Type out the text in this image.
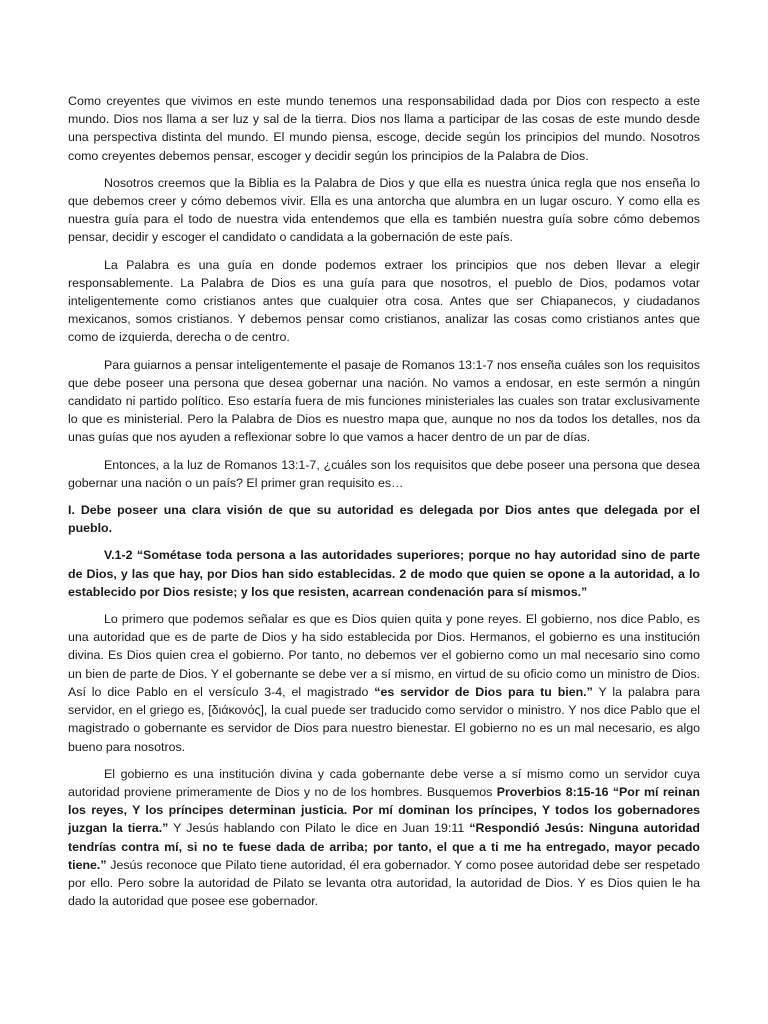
Como creyentes que vivimos en este mundo tenemos una responsabilidad dada por Dios con respecto a este mundo. Dios nos llama a ser luz y sal de la tierra. Dios nos llama a participar de las cosas de este mundo desde una perspectiva distinta del mundo. El mundo piensa, escoge, decide según los principios del mundo. Nosotros como creyentes debemos pensar, escoger y decidir según los principios de la Palabra de Dios.

Nosotros creemos que la Biblia es la Palabra de Dios y que ella es nuestra única regla que nos enseña lo que debemos creer y cómo debemos vivir. Ella es una antorcha que alumbra en un lugar oscuro. Y como ella es nuestra guía para el todo de nuestra vida entendemos que ella es también nuestra guía sobre cómo debemos pensar, decidir y escoger el candidato o candidata a la gobernación de este país.

La Palabra es una guía en donde podemos extraer los principios que nos deben llevar a elegir responsablemente. La Palabra de Dios es una guía para que nosotros, el pueblo de Dios, podamos votar inteligentemente como cristianos antes que cualquier otra cosa. Antes que ser Chiapanecos, y ciudadanos mexicanos, somos cristianos. Y debemos pensar como cristianos, analizar las cosas como cristianos antes que como de izquierda, derecha o de centro.

Para guiarnos a pensar inteligentemente el pasaje de Romanos 13:1-7 nos enseña cuáles son los requisitos que debe poseer una persona que desea gobernar una nación. No vamos a endosar, en este sermón a ningún candidato ni partido político. Eso estaría fuera de mis funciones ministeriales las cuales son tratar exclusivamente lo que es ministerial. Pero la Palabra de Dios es nuestro mapa que, aunque no nos da todos los detalles, nos da unas guías que nos ayuden a reflexionar sobre lo que vamos a hacer dentro de un par de días.

Entonces, a la luz de Romanos 13:1-7, ¿cuáles son los requisitos que debe poseer una persona que desea gobernar una nación o un país? El primer gran requisito es…

I. Debe poseer una clara visión de que su autoridad es delegada por Dios antes que delegada por el pueblo.

V.1-2 “Sométase toda persona a las autoridades superiores; porque no hay autoridad sino de parte de Dios, y las que hay, por Dios han sido establecidas. 2 de modo que quien se opone a la autoridad, a lo establecido por Dios resiste; y los que resisten, acarrean condenación para sí mismos.”

Lo primero que podemos señalar es que es Dios quien quita y pone reyes. El gobierno, nos dice Pablo, es una autoridad que es de parte de Dios y ha sido establecida por Dios. Hermanos, el gobierno es una institución divina. Es Dios quien crea el gobierno. Por tanto, no debemos ver el gobierno como un mal necesario sino como un bien de parte de Dios. Y el gobernante se debe ver a sí mismo, en virtud de su oficio como un ministro de Dios. Así lo dice Pablo en el versículo 3-4, el magistrado “es servidor de Dios para tu bien.” Y la palabra para servidor, en el griego es, [διάκονός], la cual puede ser traducido como servidor o ministro. Y nos dice Pablo que el magistrado o gobernante es servidor de Dios para nuestro bienestar. El gobierno no es un mal necesario, es algo bueno para nosotros.

El gobierno es una institución divina y cada gobernante debe verse a sí mismo como un servidor cuya autoridad proviene primeramente de Dios y no de los hombres. Busquemos Proverbios 8:15-16 “Por mí reinan los reyes, Y los príncipes determinan justicia. Por mí dominan los príncipes, Y todos los gobernadores juzgan la tierra.” Y Jesús hablando con Pilato le dice en Juan 19:11 “Respondió Jesús: Ninguna autoridad tendrías contra mí, si no te fuese dada de arriba; por tanto, el que a ti me ha entregado, mayor pecado tiene.” Jesús reconoce que Pilato tiene autoridad, él era gobernador. Y como posee autoridad debe ser respetado por ello. Pero sobre la autoridad de Pilato se levanta otra autoridad, la autoridad de Dios. Y es Dios quien le ha dado la autoridad que posee ese gobernador.
